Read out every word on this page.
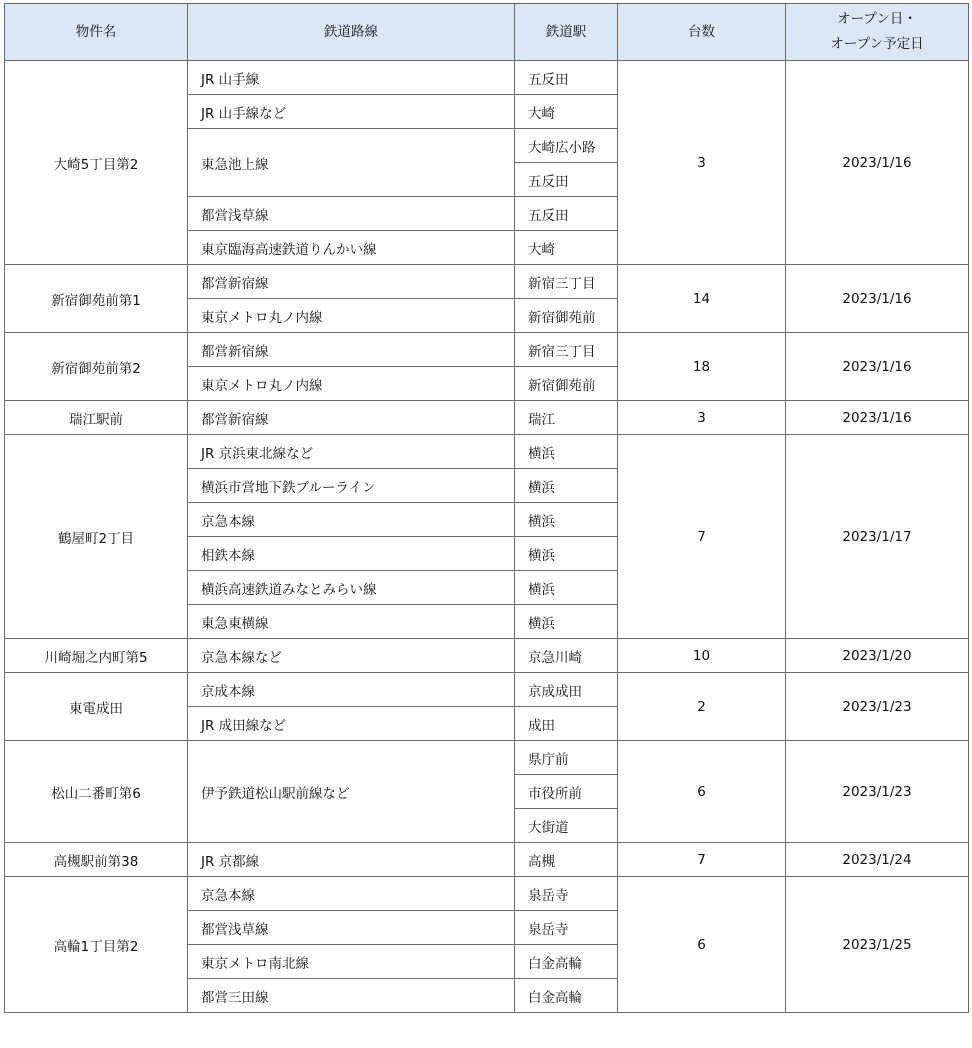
物件名	鉄道路線	鉄道駅	台数	オープン日・
オープン予定日
大崎5丁目第2	JR 山手線	五反田	3	2023/1/16
	JR 山手線など	大崎		
	東急池上線	大崎広小路		
		五反田		
	都営浅草線	五反田		
	東京臨海高速鉄道りんかい線	大崎		
新宿御苑前第1	都営新宿線	新宿三丁目	14	2023/1/16
	東京メトロ丸ノ内線	新宿御苑前		
新宿御苑前第2	都営新宿線	新宿三丁目	18	2023/1/16
	東京メトロ丸ノ内線	新宿御苑前		
瑞江駅前	都営新宿線	瑞江	3	2023/1/16
鶴屋町2丁目	JR 京浜東北線など	横浜	7	2023/1/17
	横浜市営地下鉄ブルーライン	横浜		
	京急本線	横浜		
	相鉄本線	横浜		
	横浜高速鉄道みなとみらい線	横浜		
	東急東横線	横浜		
川崎堀之内町第5	京急本線など	京急川崎	10	2023/1/20
東電成田	京成本線	京成成田	2	2023/1/23
	JR 成田線など	成田		
松山二番町第6	伊予鉄道松山駅前線など	県庁前	6	2023/1/23
		市役所前		
		大街道		
高槻駅前第38	JR 京都線	高槻	7	2023/1/24
高輪1丁目第2	京急本線	泉岳寺	6	2023/1/25
	都営浅草線	泉岳寺		
	東京メトロ南北線	白金高輪		
	都営三田線	白金高輪		
